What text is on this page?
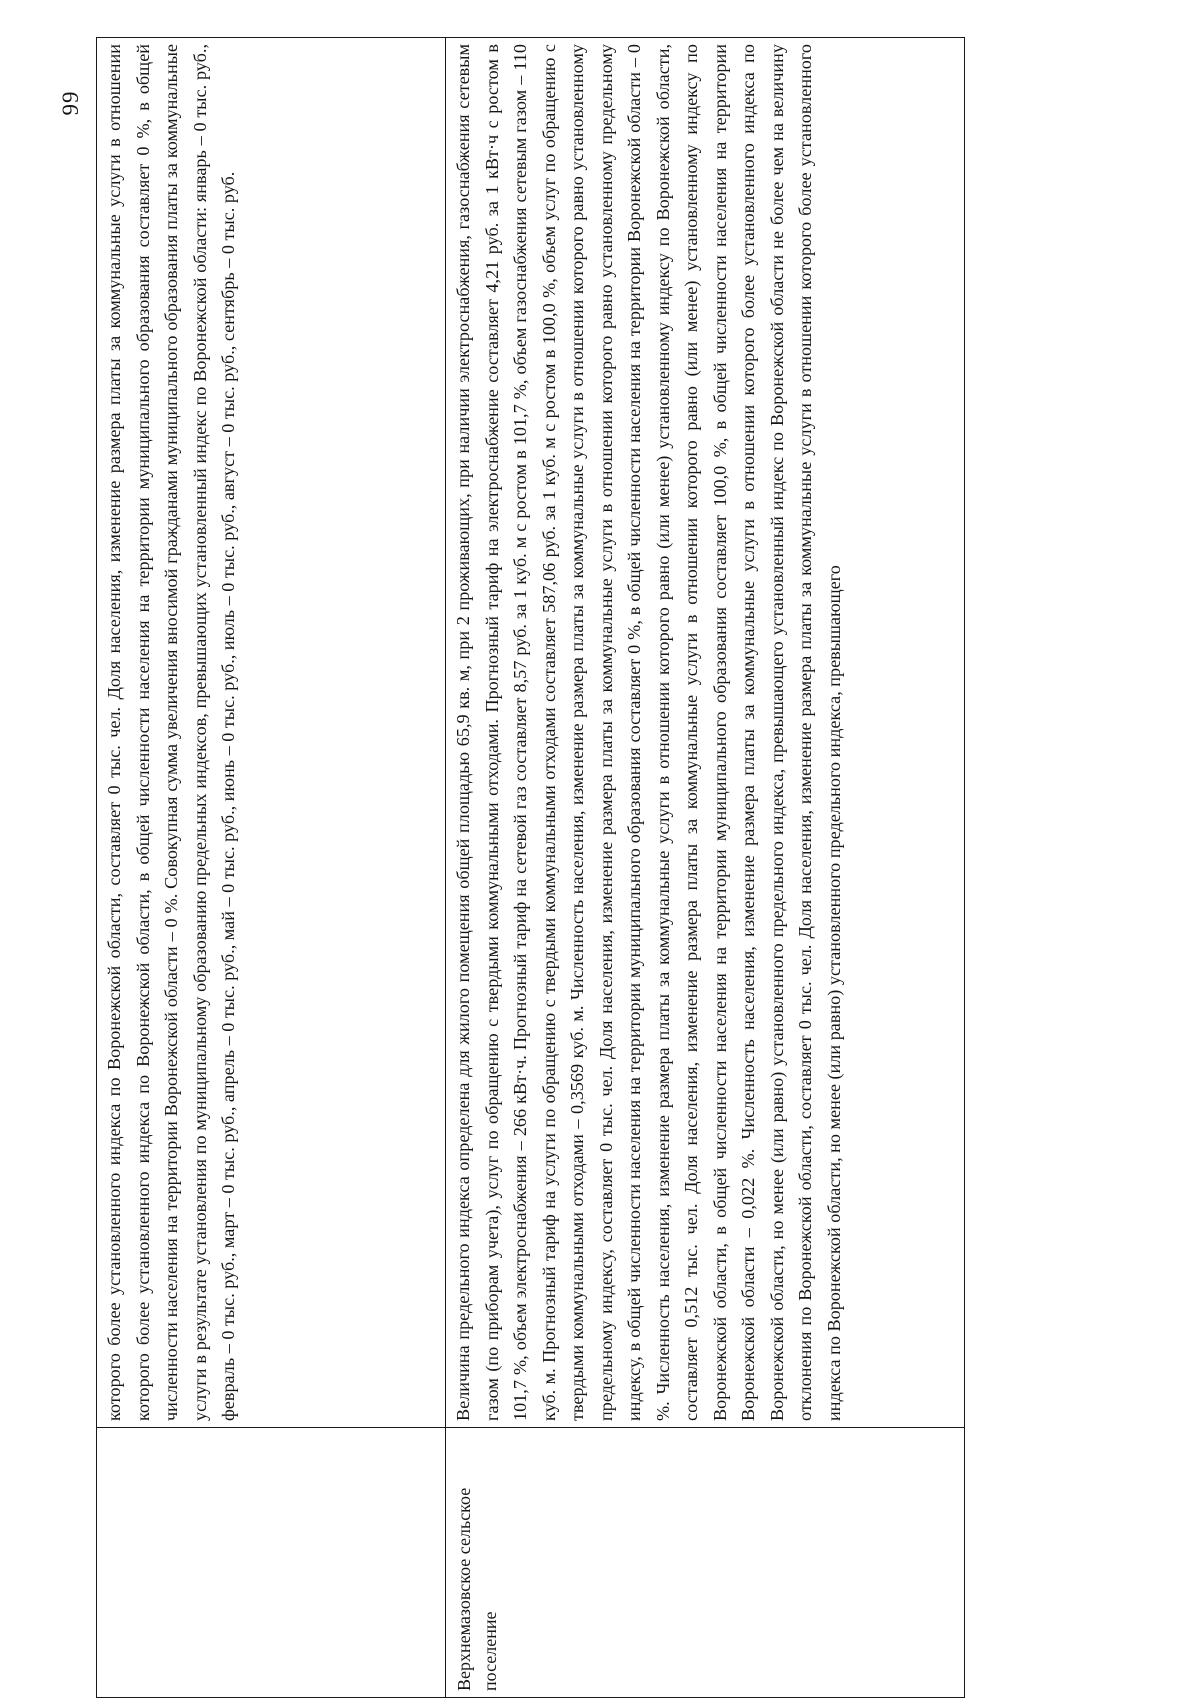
99
	которого более установленного индекса по Воронежской области, составляет 0 тыс. чел. Доля населения, изменение размера платы за коммунальные услуги в отношении которого более установленного индекса по Воронежской области, в общей численности населения на территории муниципального образования составляет 0 %, в общей численности населения на территории Воронежской области – 0 %. Совокупная сумма увеличения вносимой гражданами муниципального образования платы за коммунальные услуги в результате установления по муниципальному образованию предельных индексов, превышающих установленный индекс по Воронежской области: январь – 0 тыс. руб., февраль – 0 тыс. руб., март – 0 тыс. руб., апрель – 0 тыс. руб., май – 0 тыс. руб., июнь – 0 тыс. руб., июль – 0 тыс. руб., август – 0 тыс. руб., сентябрь – 0 тыс. руб.
Верхнемазовское сельское поселение	Величина предельного индекса определена для жилого помещения общей площадью 65,9 кв. м, при 2 проживающих, при наличии электроснабжения, газоснабжения сетевым газом (по приборам учета), услуг по обращению с твердыми коммунальными отходами. Прогнозный тариф на электроснабжение составляет 4,21 руб. за 1 кВт·ч с ростом в 101,7 %, объем электроснабжения – 266 кВт·ч. Прогнозный тариф на сетевой газ составляет 8,57 руб. за 1 куб. м с ростом в 101,7 %, объем газоснабжения сетевым газом – 110 куб. м. Прогнозный тариф на услуги по обращению с твердыми коммунальными отходами составляет 587,06 руб. за 1 куб. м с ростом в 100,0 %, объем услуг по обращению с твердыми коммунальными отходами – 0,3569 куб. м. Численность населения, изменение размера платы за коммунальные услуги в отношении которого равно установленному предельному индексу, составляет 0 тыс. чел. Доля населения, изменение размера платы за коммунальные услуги в отношении которого равно установленному предельному индексу, в общей численности населения на территории муниципального образования составляет 0 %, в общей численности населения на территории Воронежской области – 0 %. Численность населения, изменение размера платы за коммунальные услуги в отношении которого равно (или менее) установленному индексу по Воронежской области, составляет 0,512 тыс. чел. Доля населения, изменение размера платы за коммунальные услуги в отношении которого равно (или менее) установленному индексу по Воронежской области, в общей численности населения на территории муниципального образования составляет 100,0 %, в общей численности населения на территории Воронежской области – 0,022 %. Численность населения, изменение размера платы за коммунальные услуги в отношении которого более установленного индекса по Воронежской области, но менее (или равно) установленного предельного индекса, превышающего установленный индекс по Воронежской области не более чем на величину отклонения по Воронежской области, составляет 0 тыс. чел. Доля населения, изменение размера платы за коммунальные услуги в отношении которого более установленного индекса по Воронежской области, но менее (или равно) установленного предельного индекса, превышающего
